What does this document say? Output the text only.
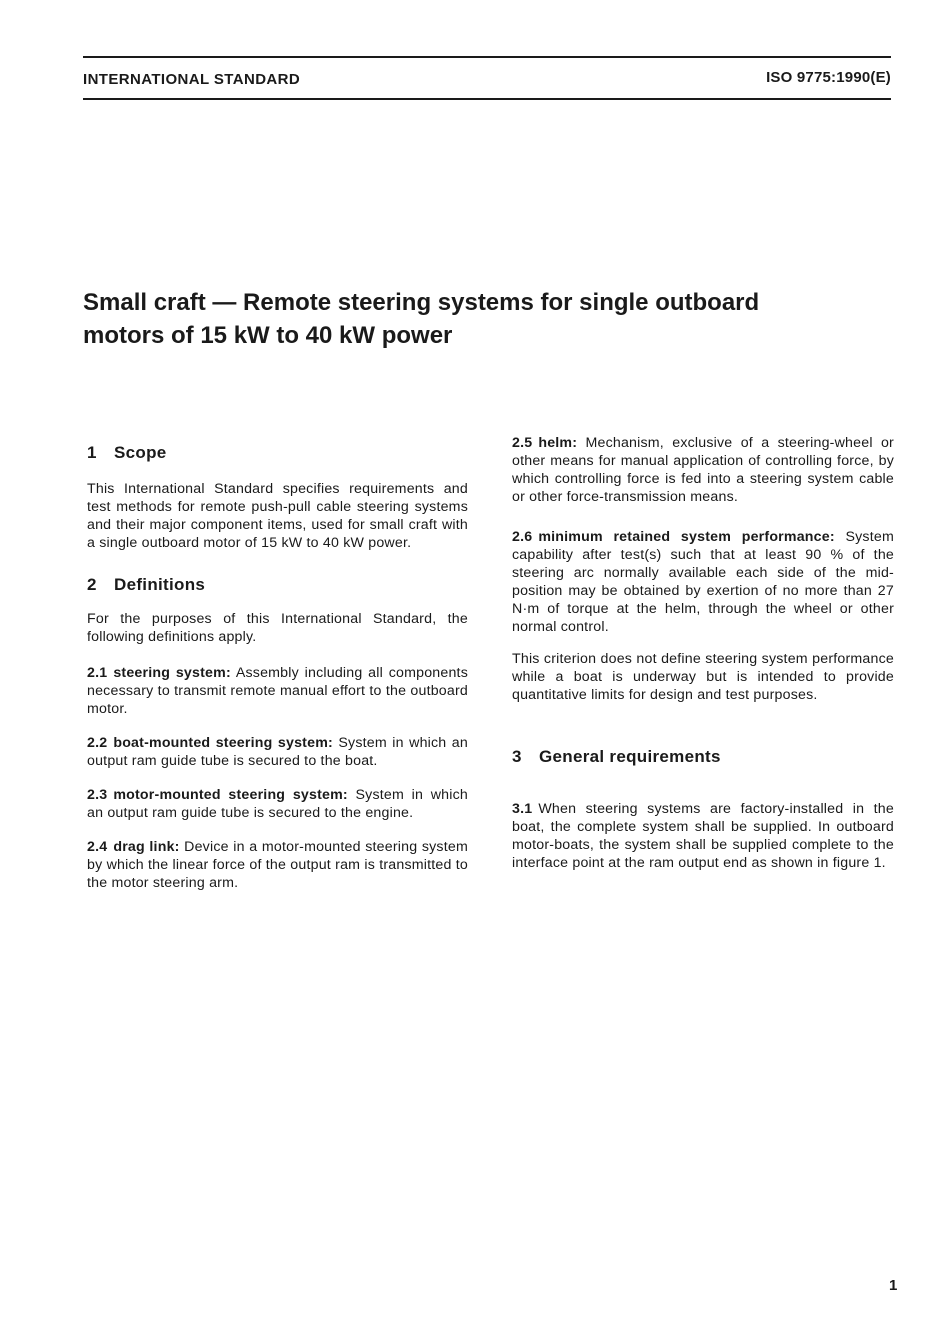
INTERNATIONAL STANDARD	ISO 9775:1990(E)
Small craft — Remote steering systems for single outboard motors of 15 kW to 40 kW power
1 Scope

This International Standard specifies requirements and test methods for remote push-pull cable steering systems and their major component items, used for small craft with a single outboard motor of 15 kW to 40 kW power.

2 Definitions

For the purposes of this International Standard, the following definitions apply.

2.1 steering system: Assembly including all components necessary to transmit remote manual effort to the outboard motor.

2.2 boat-mounted steering system: System in which an output ram guide tube is secured to the boat.

2.3 motor-mounted steering system: System in which an output ram guide tube is secured to the engine.

2.4 drag link: Device in a motor-mounted steering system by which the linear force of the output ram is transmitted to the motor steering arm.

2.5 helm: Mechanism, exclusive of a steering-wheel or other means for manual application of controlling force, by which controlling force is fed into a steering system cable or other force-transmission means.

2.6 minimum retained system performance: System capability after test(s) such that at least 90 % of the steering arc normally available each side of the mid-position may be obtained by exertion of no more than 27 N·m of torque at the helm, through the wheel or other normal control.

This criterion does not define steering system performance while a boat is underway but is intended to provide quantitative limits for design and test purposes.

3 General requirements

3.1 When steering systems are factory-installed in the boat, the complete system shall be supplied. In outboard motor-boats, the system shall be supplied complete to the interface point at the ram output end as shown in figure 1.

1
